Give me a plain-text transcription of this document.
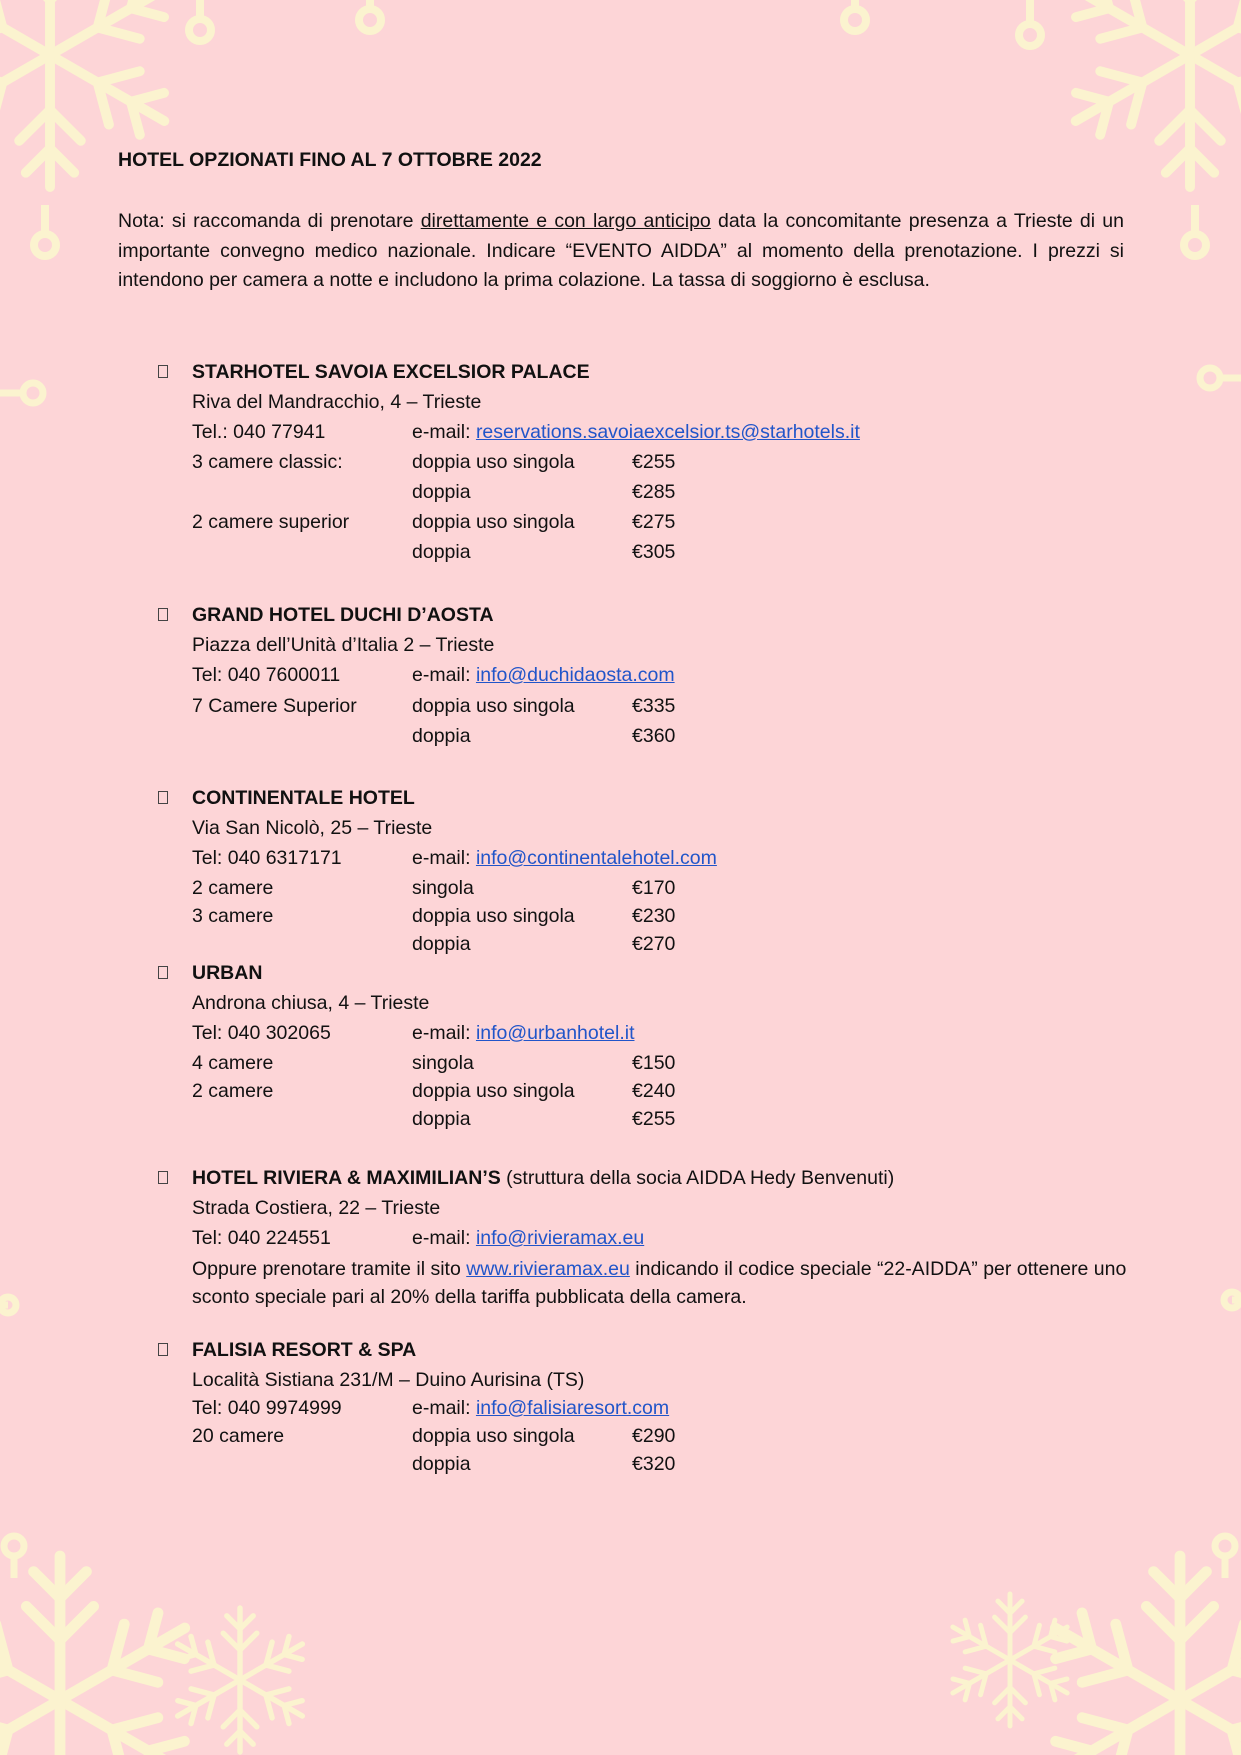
HOTEL OPZIONATI FINO AL 7 OTTOBRE 2022

Nota: si raccomanda di prenotare direttamente e con largo anticipo data la concomitante presenza a Trieste di un importante convegno medico nazionale. Indicare “EVENTO AIDDA” al momento della prenotazione. I prezzi si intendono per camera a notte e includono la prima colazione. La tassa di soggiorno è esclusa.

STARHOTEL SAVOIA EXCELSIOR PALACE
Riva del Mandracchio, 4 – Trieste
Tel.: 040 77941	e-mail: reservations.savoiaexcelsior.ts@starhotels.it
3 camere classic:	doppia uso singola	€255
doppia	€285
2 camere superior	doppia uso singola	€275
doppia	€305
GRAND HOTEL DUCHI D’AOSTA
Piazza dell’Unità d’Italia 2 – Trieste
Tel: 040 7600011	e-mail: info@duchidaosta.com
7 Camere Superior	doppia uso singola	€335
doppia	€360
CONTINENTALE HOTEL
Via San Nicolò, 25 – Trieste
Tel: 040 6317171	e-mail: info@continentalehotel.com
2 camere	singola	€170
3 camere	doppia uso singola	€230
doppia	€270
URBAN
Androna chiusa, 4 – Trieste
Tel: 040 302065	e-mail: info@urbanhotel.it
4 camere	singola	€150
2 camere	doppia uso singola	€240
doppia	€255
HOTEL RIVIERA & MAXIMILIAN’S (struttura della socia AIDDA Hedy Benvenuti)
Strada Costiera, 22 – Trieste
Tel: 040 224551	e-mail: info@rivieramax.eu
Oppure prenotare tramite il sito www.rivieramax.eu indicando il codice speciale “22-AIDDA” per ottenere uno sconto speciale pari al 20% della tariffa pubblicata della camera.
FALISIA RESORT & SPA
Località Sistiana 231/M – Duino Aurisina (TS)
Tel: 040 9974999	e-mail: info@falisiaresort.com
20 camere	doppia uso singola	€290
doppia	€320
